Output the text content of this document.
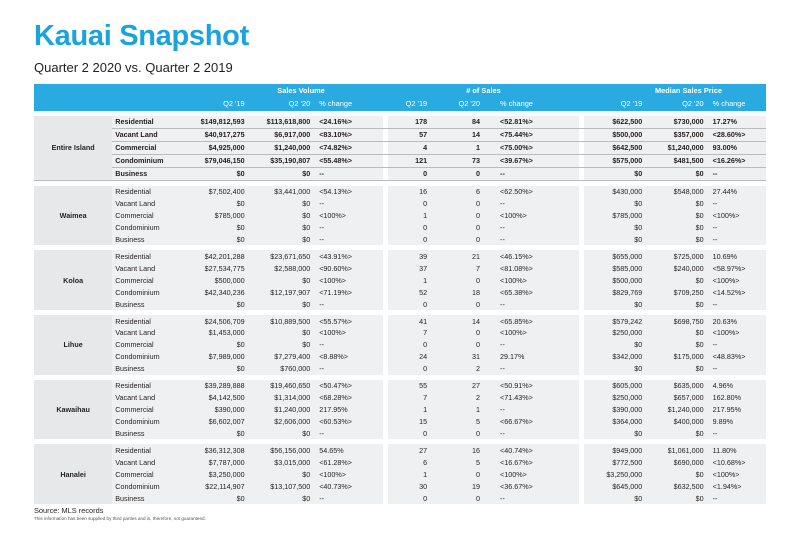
Kauai Snapshot
Quarter 2 2020 vs. Quarter 2 2019
		Sales Volume				# of Sales				Median Sales Price		
		Q2 '19	Q2 '20	% change		Q2 '19	Q2 '20	% change		Q2 '19	Q2 '20	% change

Entire Island	Residential	$149,812,593	$113,618,800	<24.16%>		178	84	<52.81%>		$622,500	$730,000	17.27%
	Vacant Land	$40,917,275	$6,917,000	<83.10%>		57	14	<75.44%>		$500,000	$357,000	<28.60%>
	Commercial	$4,925,000	$1,240,000	<74.82%>		4	1	<75.00%>		$642,500	$1,240,000	93.00%
	Condominium	$79,046,150	$35,190,807	<55.48%>		121	73	<39.67%>		$575,000	$481,500	<16.26%>
	Business	$0	$0	--		0	0	--		$0	$0	--

Waimea	Residential	$7,502,400	$3,441,000	<54.13%>		16	6	<62.50%>		$430,000	$548,000	27.44%
	Vacant Land	$0	$0	--		0	0	--		$0	$0	--
	Commercial	$785,000	$0	<100%>		1	0	<100%>		$785,000	$0	<100%>
	Condominium	$0	$0	--		0	0	--		$0	$0	--
	Business	$0	$0	--		0	0	--		$0	$0	--

Koloa	Residential	$42,201,288	$23,671,650	<43.91%>		39	21	<46.15%>		$655,000	$725,000	10.69%
	Vacant Land	$27,534,775	$2,588,000	<90.60%>		37	7	<81.08%>		$585,000	$240,000	<58.97%>
	Commercial	$500,000	$0	<100%>		1	0	<100%>		$500,000	$0	<100%>
	Condominium	$42,340,236	$12,197,907	<71.19%>		52	18	<65.38%>		$829,769	$709,250	<14.52%>
	Business	$0	$0	--		0	0	--		$0	$0	--

Lihue	Residential	$24,506,709	$10,889,500	<55.57%>		41	14	<65.85%>		$579,242	$698,750	20.63%
	Vacant Land	$1,453,000	$0	<100%>		7	0	<100%>		$250,000	$0	<100%>
	Commercial	$0	$0	--		0	0	--		$0	$0	--
	Condominium	$7,989,000	$7,279,400	<8.88%>		24	31	29.17%		$342,000	$175,000	<48.83%>
	Business	$0	$760,000	--		0	2	--		$0	$0	--

Kawaihau	Residential	$39,289,888	$19,460,650	<50.47%>		55	27	<50.91%>		$605,000	$635,000	4.96%
	Vacant Land	$4,142,500	$1,314,000	<68.28%>		7	2	<71.43%>		$250,000	$657,000	162.80%
	Commercial	$390,000	$1,240,000	217.95%		1	1	--		$390,000	$1,240,000	217.95%
	Condominium	$6,602,007	$2,606,000	<60.53%>		15	5	<66.67%>		$364,000	$400,000	9.89%
	Business	$0	$0	--		0	0	--		$0	$0	--

Hanalei	Residential	$36,312,308	$56,156,000	54.65%		27	16	<40.74%>		$949,000	$1,061,000	11.80%
	Vacant Land	$7,787,000	$3,015,000	<61.28%>		6	5	<16.67%>		$772,500	$690,000	<10.68%>
	Commercial	$3,250,000	$0	<100%>		1	0	<100%>		$3,250,000	$0	<100%>
	Condominium	$22,114,907	$13,107,500	<40.73%>		30	19	<36.67%>		$645,000	$632,500	<1.94%>
	Business	$0	$0	--		0	0	--		$0	$0	--
Source: MLS records
This information has been supplied by third parties and is, therefore, not guaranteed.
